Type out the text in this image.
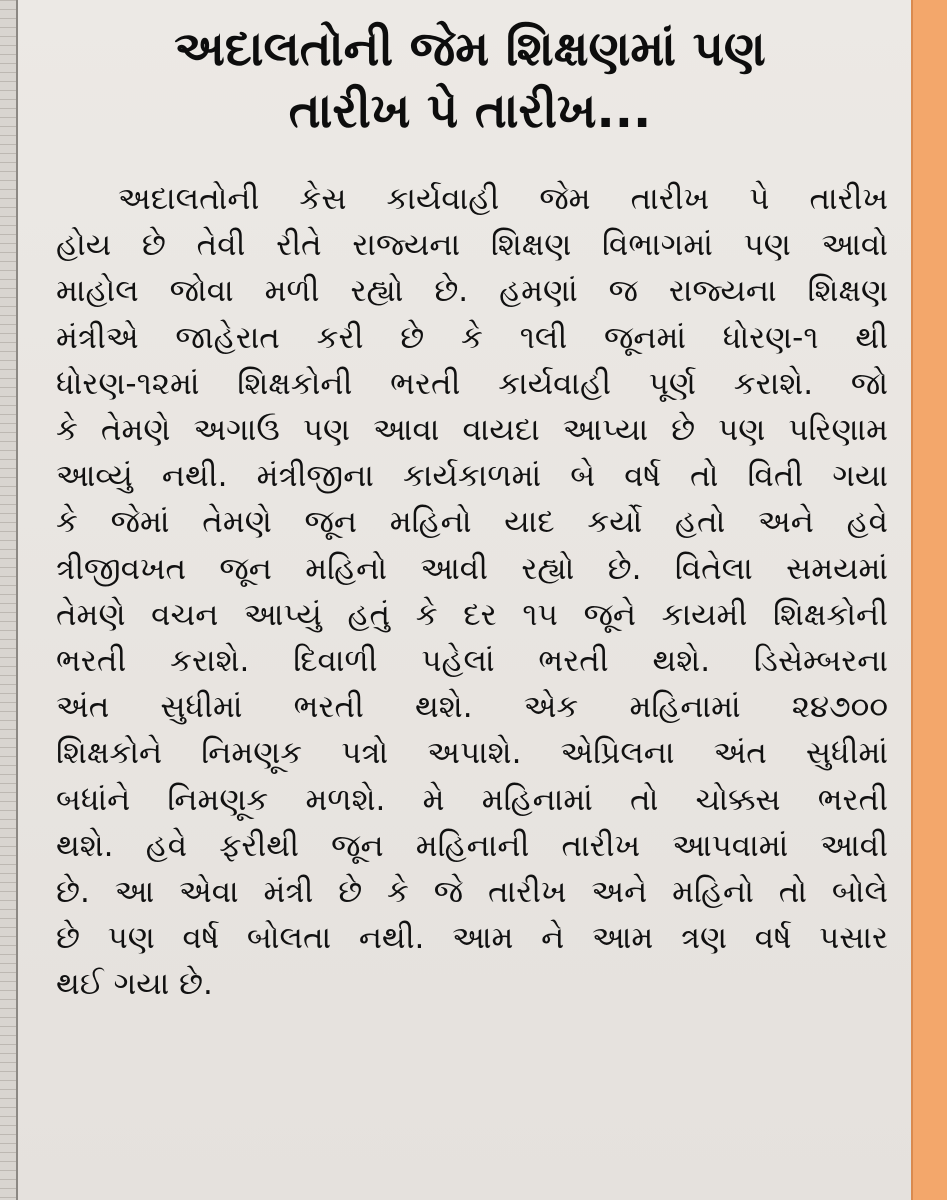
અદાલતોની જેમ શિક્ષણમાં પણ
તારીખ પે તારીખ...
અદાલતોની કેસ કાર્યવાહી જેમ તારીખ પે તારીખ
હોય છે તેવી રીતે રાજ્યના શિક્ષણ વિભાગમાં પણ આવો
માહોલ જોવા મળી રહ્યો છે. હમણાં જ રાજ્યના શિક્ષણ
મંત્રીએ જાહેરાત કરી છે કે ૧લી જૂનમાં ધોરણ-૧ થી
ધોરણ-૧૨માં શિક્ષકોની ભરતી કાર્યવાહી પૂર્ણ કરાશે. જો
કે તેમણે અગાઉ પણ આવા વાયદા આપ્યા છે પણ પરિણામ
આવ્યું નથી. મંત્રીજીના કાર્યકાળમાં બે વર્ષ તો વિતી ગયા
કે જેમાં તેમણે જૂન મહિનો યાદ કર્યો હતો અને હવે
ત્રીજીવખત જૂન મહિનો આવી રહ્યો છે. વિતેલા સમયમાં
તેમણે વચન આપ્યું હતું કે દર ૧૫ જૂને કાયમી શિક્ષકોની
ભરતી કરાશે. દિવાળી પહેલાં ભરતી થશે. ડિસેમ્બરના
અંત સુધીમાં ભરતી થશે. એક મહિનામાં ૨૪૭૦૦
શિક્ષકોને નિમણૂક પત્રો અપાશે. એપ્રિલના અંત સુધીમાં
બધાંને નિમણૂક મળશે. મે મહિનામાં તો ચોક્કસ ભરતી
થશે. હવે ફરીથી જૂન મહિનાની તારીખ આપવામાં આવી
છે. આ એવા મંત્રી છે કે જે તારીખ અને મહિનો તો બોલે
છે પણ વર્ષ બોલતા નથી. આમ ને આમ ત્રણ વર્ષ પસાર
થઈ ગયા છે.
